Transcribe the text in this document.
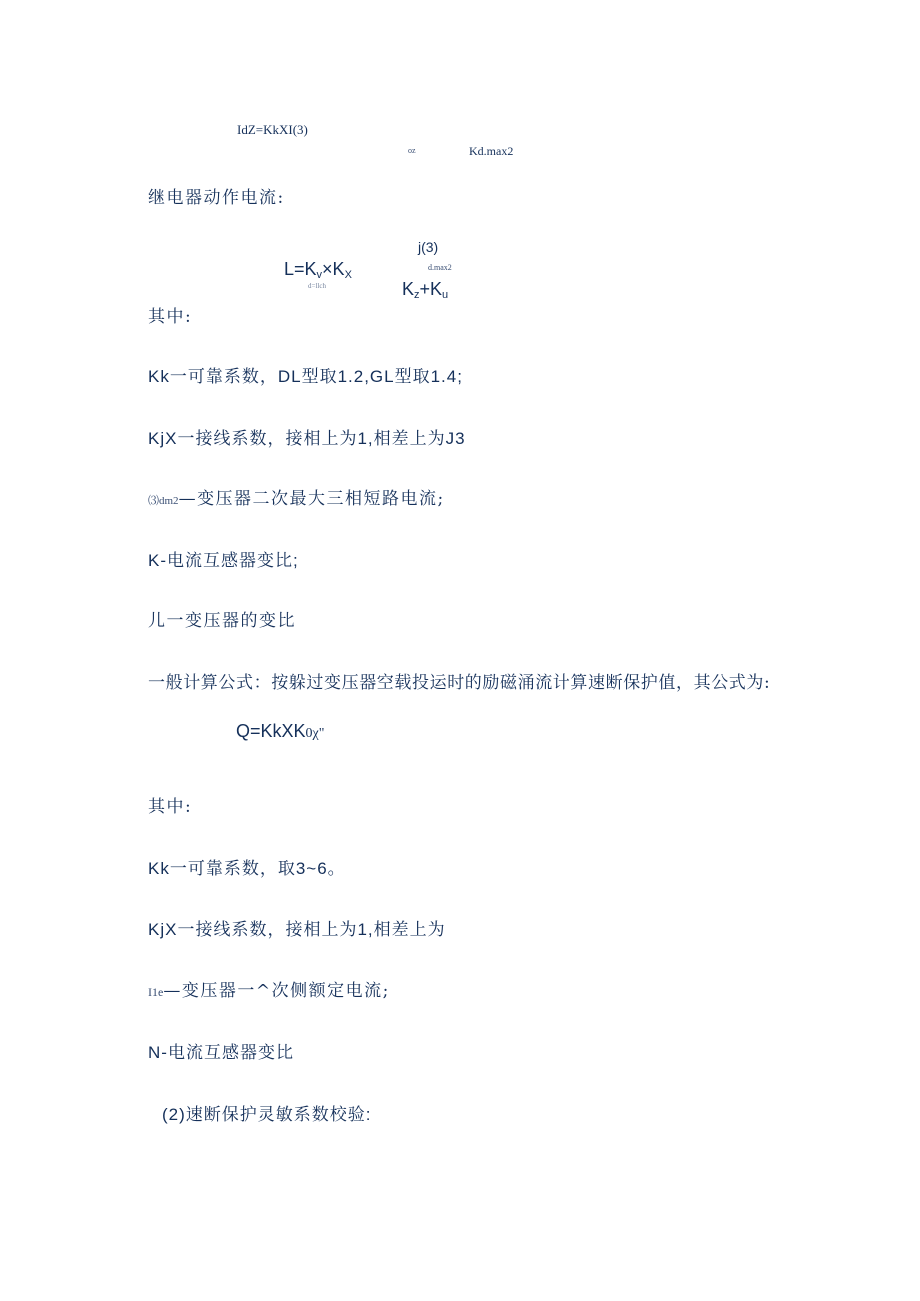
IdZ=KkXI(3)
oz	Kd.max2
继电器动作电流:
j(3)
$L=K_v\times K_X$
d.max2
d=llch	$K_z+K_u$
其中:
Kk一可靠系数，DL型取1.2,GL型取1.4;
KjX一接线系数，接相上为1,相差上为J3
⑶dm2—变压器二次最大三相短路电流;
K-电流互感器变比;
儿一变压器的变比
一般计算公式：按躲过变压器空载投运时的励磁涌流计算速断保护值，其公式为:
Q=KkXK0χ"
其中:
Kk一可靠系数，取3~6。
KjX一接线系数，接相上为1,相差上为
I1e—变压器一^次侧额定电流;
N-电流互感器变比
(2)速断保护灵敏系数校验:
